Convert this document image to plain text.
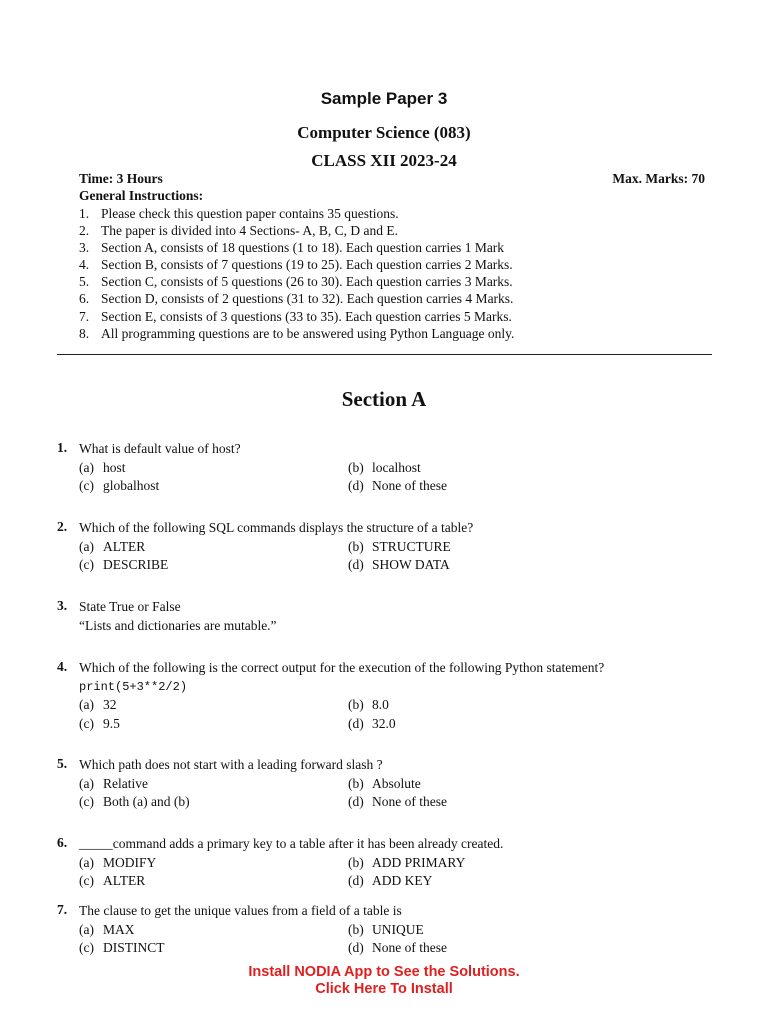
Sample Paper 3
Computer Science (083)
CLASS XII 2023-24
Time: 3 Hours	Max. Marks: 70
General Instructions:
1. Please check this question paper contains 35 questions.
2. The paper is divided into 4 Sections- A, B, C, D and E.
3. Section A, consists of 18 questions (1 to 18). Each question carries 1 Mark
4. Section B, consists of 7 questions (19 to 25). Each question carries 2 Marks.
5. Section C, consists of 5 questions (26 to 30). Each question carries 3 Marks.
6. Section D, consists of 2 questions (31 to 32). Each question carries 4 Marks.
7. Section E, consists of 3 questions (33 to 35). Each question carries 5 Marks.
8. All programming questions are to be answered using Python Language only.
Section A
1. What is default value of host?
(a) host	(b) localhost
(c) globalhost	(d) None of these
2. Which of the following SQL commands displays the structure of a table?
(a) ALTER	(b) STRUCTURE
(c) DESCRIBE	(d) SHOW DATA
3. State True or False
“Lists and dictionaries are mutable.”
4. Which of the following is the correct output for the execution of the following Python statement?
print(5+3**2/2)
(a) 32	(b) 8.0
(c) 9.5	(d) 32.0
5. Which path does not start with a leading forward slash ?
(a) Relative	(b) Absolute
(c) Both (a) and (b)	(d) None of these
6. _____command adds a primary key to a table after it has been already created.
(a) MODIFY	(b) ADD PRIMARY
(c) ALTER	(d) ADD KEY
7. The clause to get the unique values from a field of a table is
(a) MAX	(b) UNIQUE
(c) DISTINCT	(d) None of these
Install NODIA App to See the Solutions.
Click Here To Install
